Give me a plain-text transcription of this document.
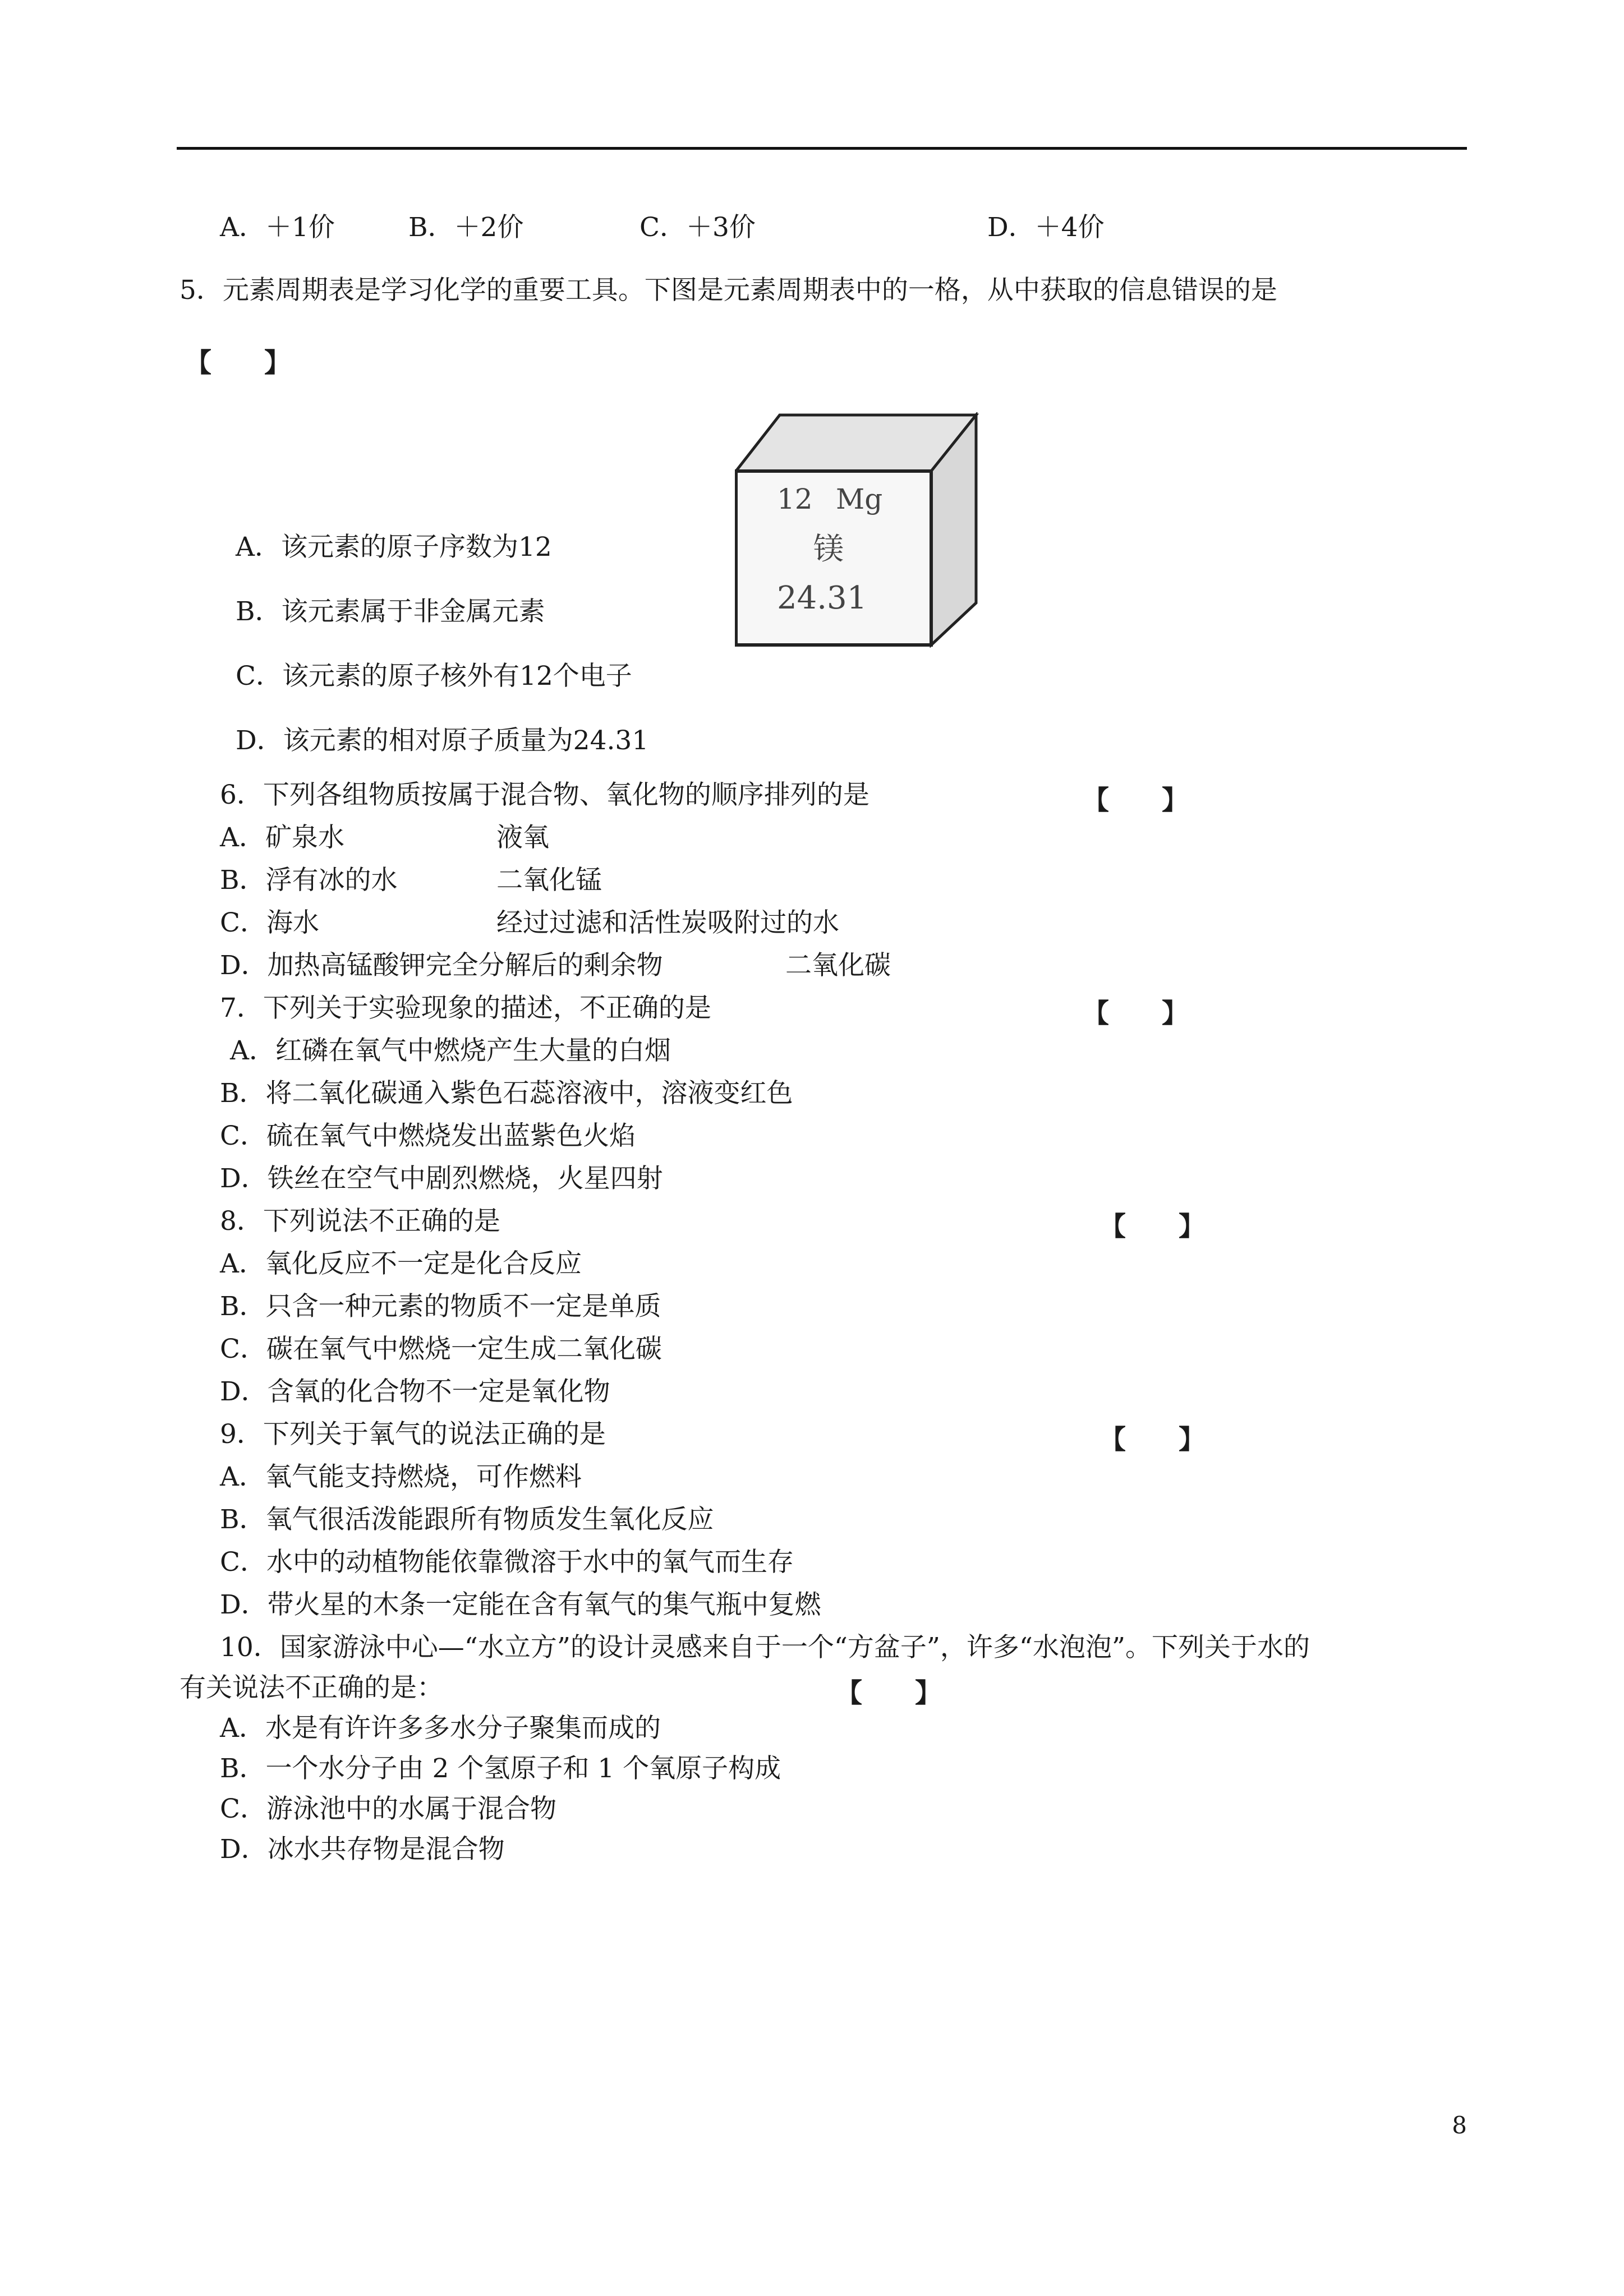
A．＋1价	B．＋2价	C．＋3价	D．＋4价
5．元素周期表是学习化学的重要工具。下图是元素周期表中的一格，从中获取的信息错误的是
【　　】
12 Mg
镁
24.31
A．该元素的原子序数为12
B．该元素属于非金属元素
C．该元素的原子核外有12个电子
D．该元素的相对原子质量为24.31
6．下列各组物质按属于混合物、氧化物的顺序排列的是	【　　】
A．矿泉水	液氧
B．浮有冰的水	二氧化锰
C．海水	经过过滤和活性炭吸附过的水
D．加热高锰酸钾完全分解后的剩余物	二氧化碳
7．下列关于实验现象的描述，不正确的是	【　　】
A．红磷在氧气中燃烧产生大量的白烟
B．将二氧化碳通入紫色石蕊溶液中，溶液变红色
C．硫在氧气中燃烧发出蓝紫色火焰
D．铁丝在空气中剧烈燃烧，火星四射
8．下列说法不正确的是	【　　】
A．氧化反应不一定是化合反应
B．只含一种元素的物质不一定是单质
C．碳在氧气中燃烧一定生成二氧化碳
D．含氧的化合物不一定是氧化物
9．下列关于氧气的说法正确的是	【　　】
A．氧气能支持燃烧，可作燃料
B．氧气很活泼能跟所有物质发生氧化反应
C．水中的动植物能依靠微溶于水中的氧气而生存
D．带火星的木条一定能在含有氧气的集气瓶中复燃
10．国家游泳中心—“水立方”的设计灵感来自于一个“方盆子”，许多“水泡泡”。下列关于水的
有关说法不正确的是：	【　　】
A．水是有许许多多水分子聚集而成的
B．一个水分子由 2 个氢原子和 1 个氧原子构成
C．游泳池中的水属于混合物
D．冰水共存物是混合物
8
